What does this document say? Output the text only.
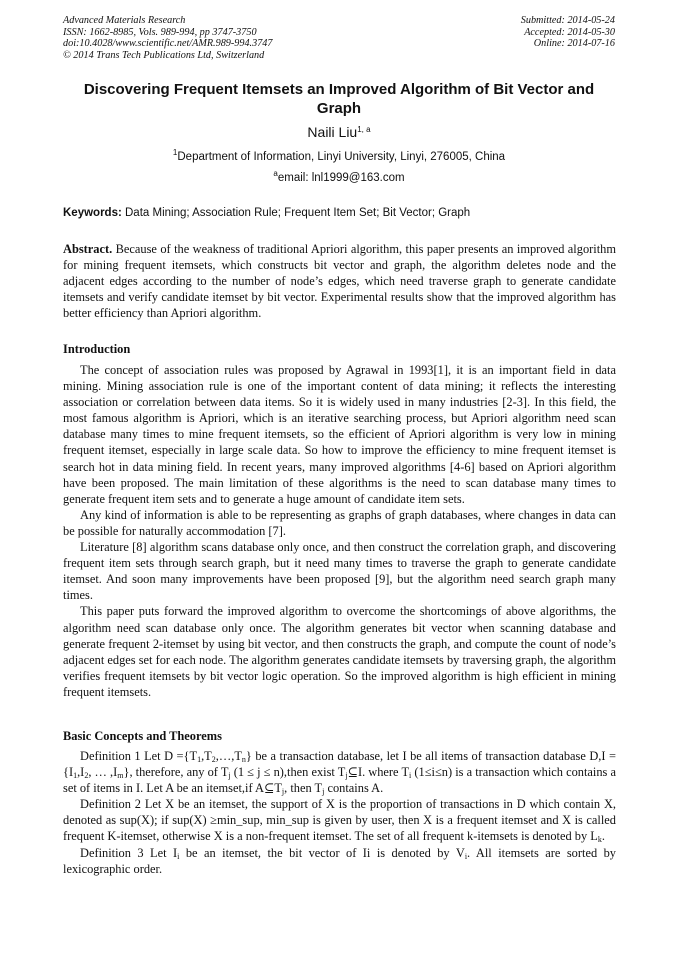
Advanced Materials Research
ISSN: 1662-8985, Vols. 989-994, pp 3747-3750
doi:10.4028/www.scientific.net/AMR.989-994.3747
© 2014 Trans Tech Publications Ltd, Switzerland
Submitted: 2014-05-24
Accepted: 2014-05-30
Online: 2014-07-16
Discovering Frequent Itemsets an Improved Algorithm of Bit Vector and Graph
Naili Liu$^{1, a}$
$^1$Department of Information, Linyi University, Linyi, 276005, China
$^a$email: lnl1999@163.com
Keywords: Data Mining; Association Rule; Frequent Item Set; Bit Vector; Graph

Abstract. Because of the weakness of traditional Apriori algorithm, this paper presents an improved algorithm for mining frequent itemsets, which constructs bit vector and graph, the algorithm deletes node and the adjacent edges according to the number of node’s edges, which need traverse graph to generate candidate itemsets and verify candidate itemset by bit vector. Experimental results show that the improved algorithm has better efficiency than Apriori algorithm.

Introduction

The concept of association rules was proposed by Agrawal in 1993[1], it is an important field in data mining. Mining association rule is one of the important content of data mining; it reflects the interesting association or correlation between data items. So it is widely used in many industries [2-3]. In this field, the most famous algorithm is Apriori, which is an iterative searching process, but Apriori algorithm need scan database many times to mine frequent itemsets, so the efficient of Apriori algorithm is very low in mining frequent itemset, especially in large scale data. So how to improve the efficiency to mine frequent itemset is search hot in data mining field. In recent years, many improved algorithms [4-6] based on Apriori algorithm have been proposed. The main limitation of these algorithms is the need to scan database many times to generate frequent item sets and to generate a huge amount of candidate item sets.

Any kind of information is able to be representing as graphs of graph databases, where changes in data can be possible for naturally accommodation [7].

Literature [8] algorithm scans database only once, and then construct the correlation graph, and discovering frequent item sets through search graph, but it need many times to traverse the graph to generate candidate itemset. And soon many improvements have been proposed [9], but the algorithm need search graph many times.

This paper puts forward the improved algorithm to overcome the shortcomings of above algorithms, the algorithm need scan database only once. The algorithm generates bit vector when scanning database and generate frequent 2-itemset by using bit vector, and then constructs the graph, and compute the count of node’s adjacent edges set for each node. The algorithm generates candidate itemsets by traversing graph, the algorithm verifies frequent itemsets by bit vector logic operation. So the improved algorithm is high efficient in mining frequent itemsets.

Basic Concepts and Theorems

Definition 1 Let $D =\{T_1,T_2,\dots,T_n\}$ be a transaction database, let I be all items of transaction database $D,I = \{I_1,I_2$, … $,I_m$}, therefore, any of $T_j$ (1 ≤ j ≤ n),then exist $T_j⊆I$. where $T_i$ (1≤i≤n) is a transaction which contains a set of items in I. Let A be an itemset,if $A⊆T_j$, then $T_j$ contains A.

Definition 2 Let X be an itemset, the support of X is the proportion of transactions in D which contain X, denoted as sup(X); if sup(X) ≥min_sup, min_sup is given by user, then X is a frequent itemset and X is called frequent K-itemset, otherwise X is a non-frequent itemset. The set of all frequent k-itemsets is denoted by $L_k$.

Definition 3 Let $I_i$ be an itemset, the bit vector of Ii is denoted by $V_i$. All itemsets are sorted by lexicographic order.
